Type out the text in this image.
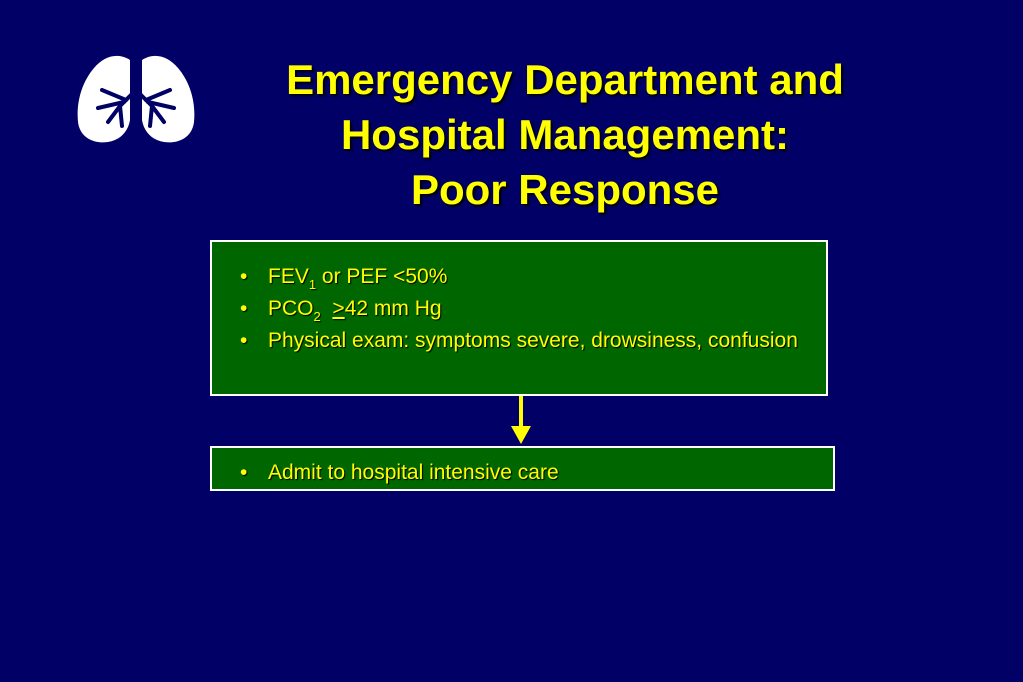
Emergency Department and
Hospital Management:
Poor Response
• $FEV_1$ or PEF <50%
• $PCO_2 >42$ mm Hg
• Physical exam: symptoms severe, drowsiness, confusion
• Admit to hospital intensive care
